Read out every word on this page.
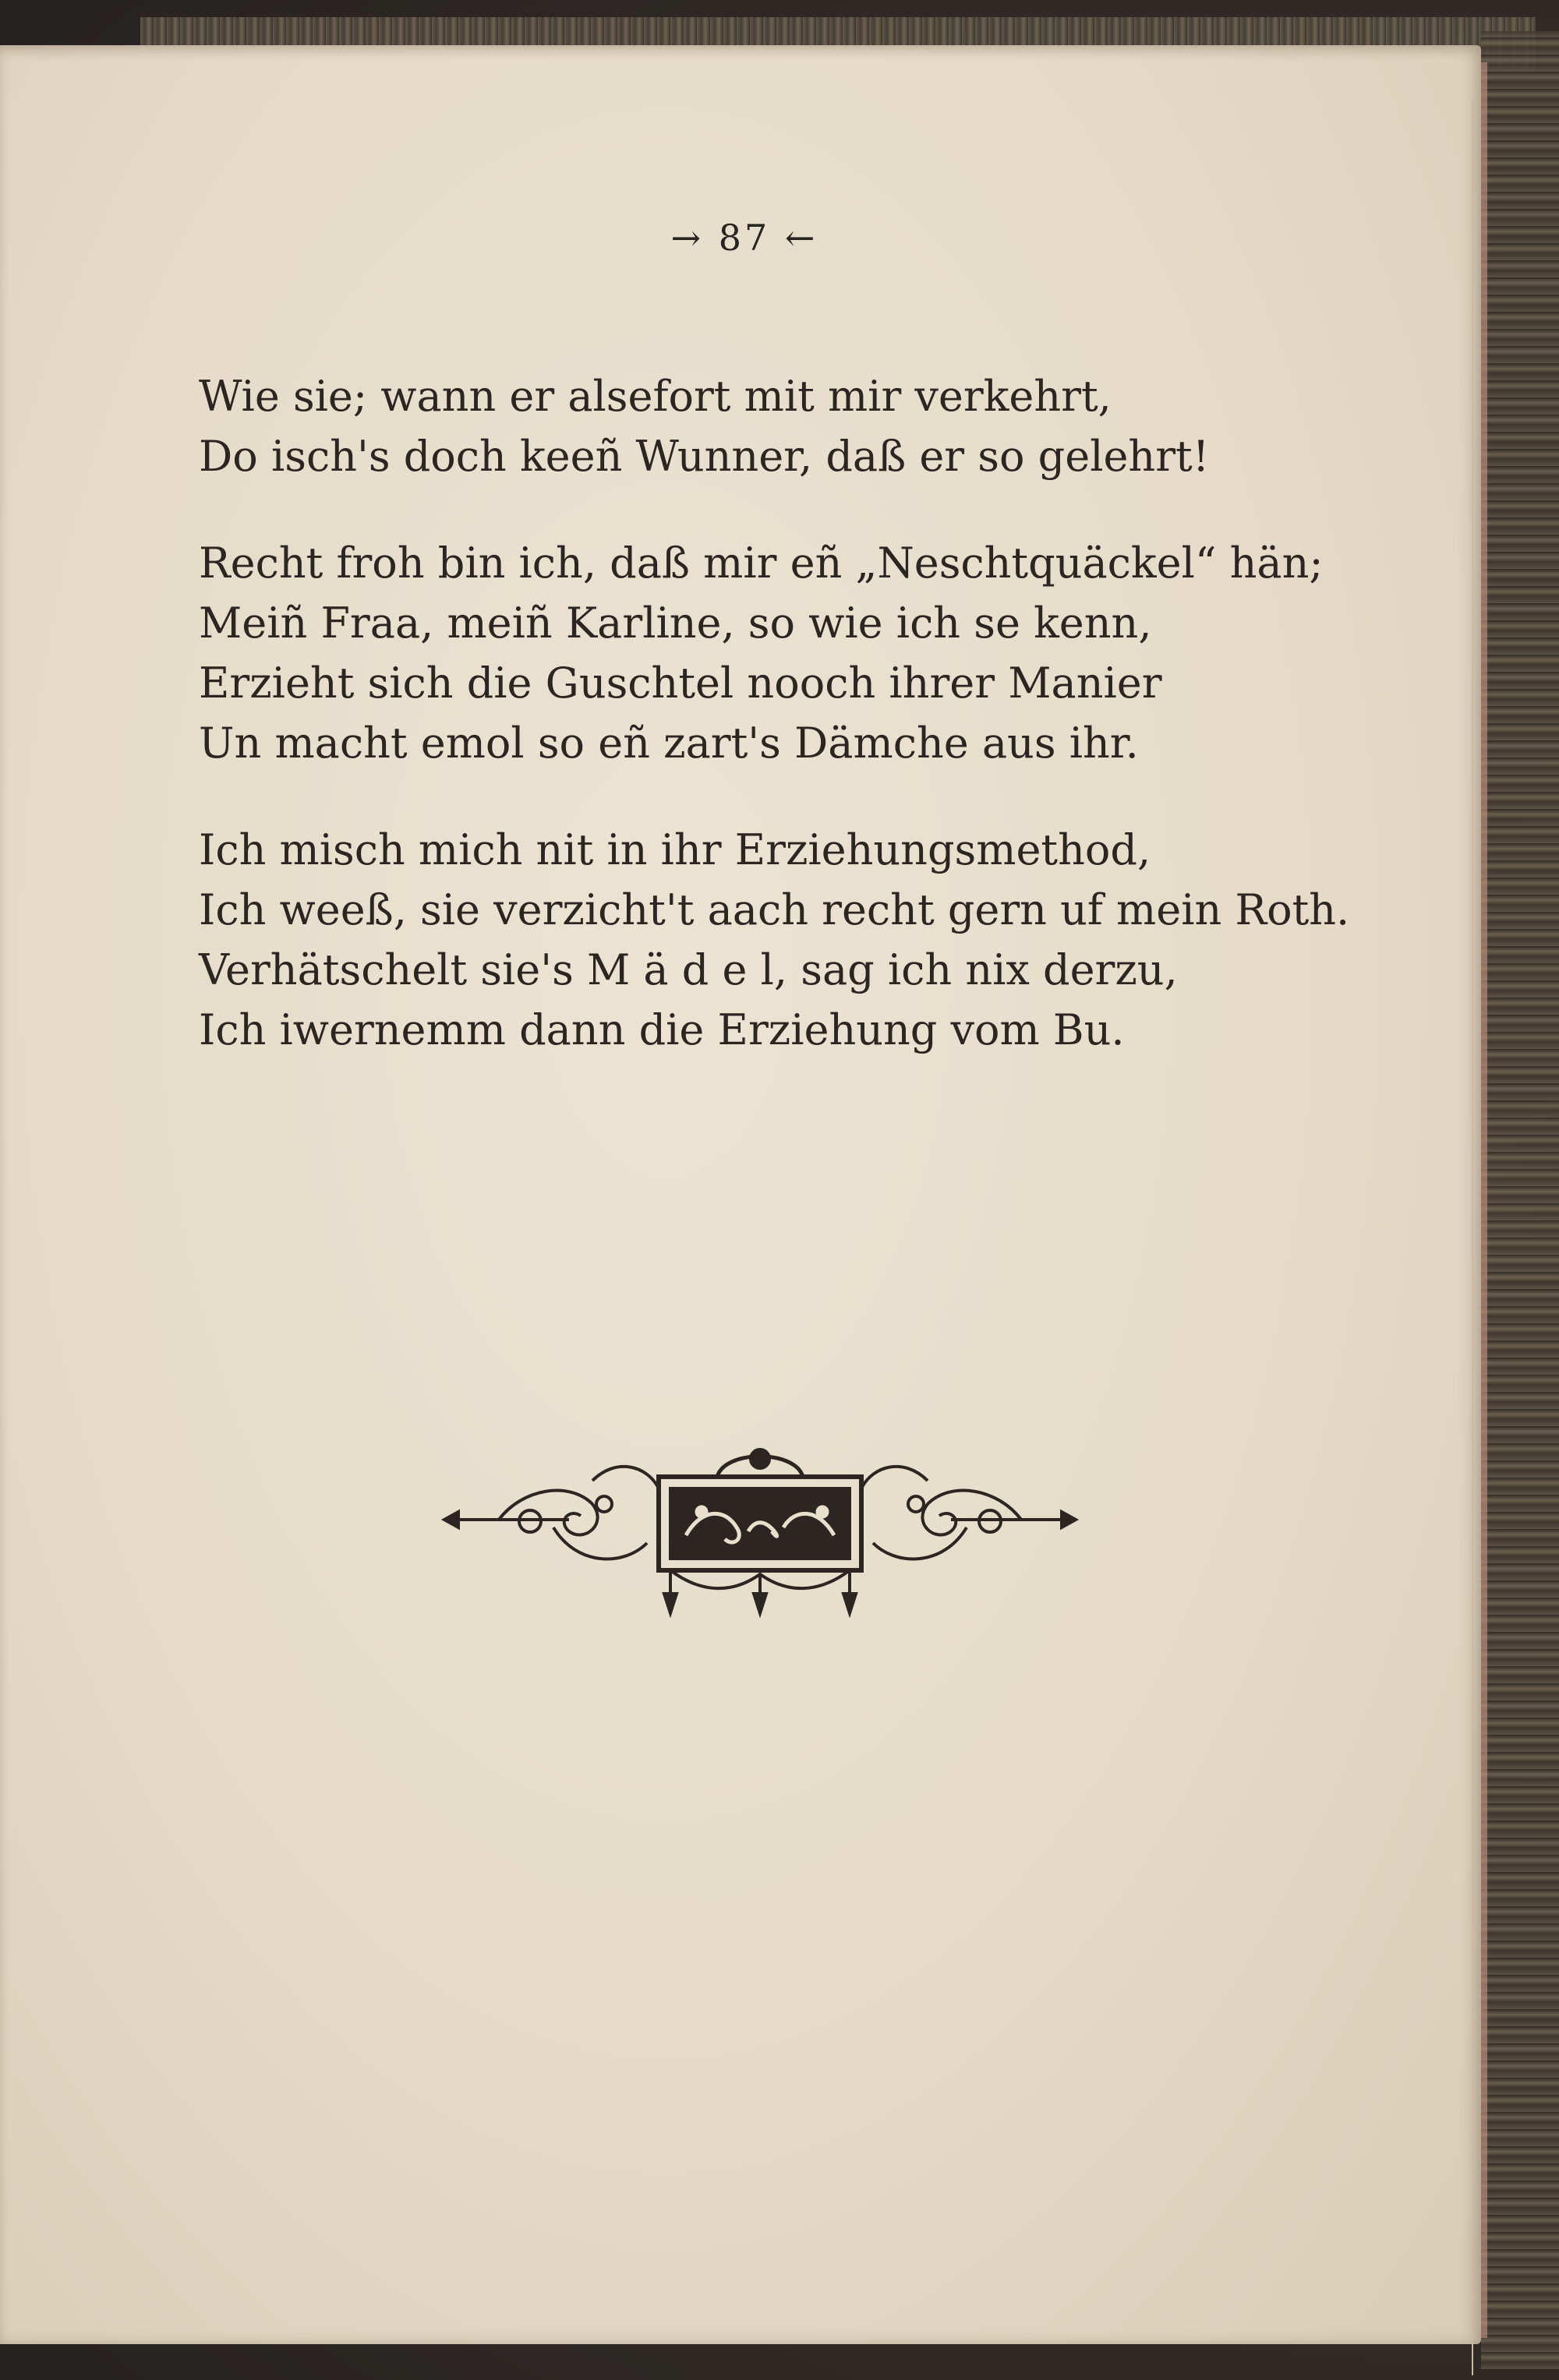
→ 87 ←
Wie sie; wann er alsefort mit mir verkehrt,
Do isch's doch keeñ Wunner, daß er so gelehrt!
Recht froh bin ich, daß mir eñ „Neschtquäckel“ hän;
Meiñ Fraa, meiñ Karline, so wie ich se kenn,
Erzieht sich die Guschtel nooch ihrer Manier
Un macht emol so eñ zart's Dämche aus ihr.
Ich misch mich nit in ihr Erziehungsmethod,
Ich weeß, sie verzicht't aach recht gern uf mein Roth.
Verhätschelt sie's M ä d e l, sag ich nix derzu,
Ich iwernemm dann die Erziehung vom Bu.
